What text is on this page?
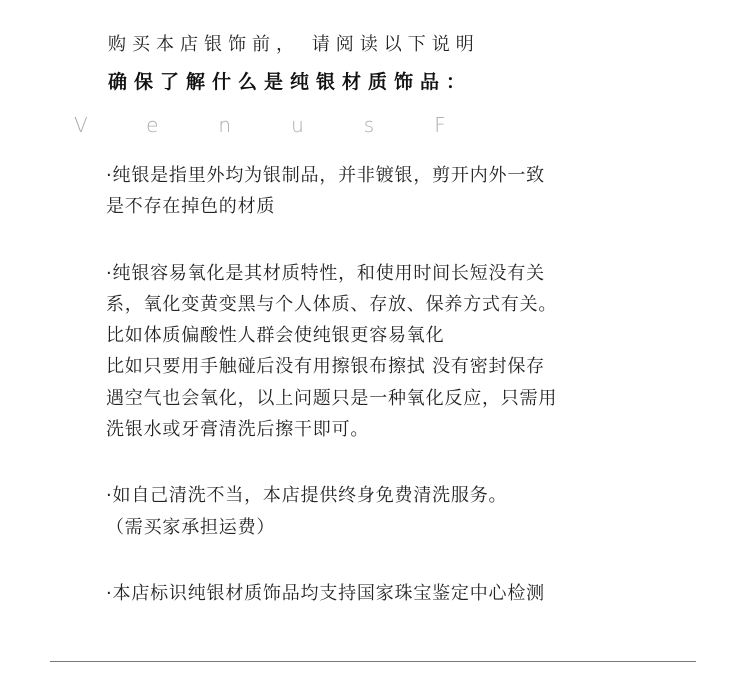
购买本店银饰前， 请阅读以下说明
确保了解什么是纯银材质饰品：
VenusF
·纯银是指里外均为银制品，并非镀银，剪开内外一致
是不存在掉色的材质
·纯银容易氧化是其材质特性，和使用时间长短没有关
系，氧化变黄变黑与个人体质、存放、保养方式有关。
比如体质偏酸性人群会使纯银更容易氧化
比如只要用手触碰后没有用擦银布擦拭 没有密封保存
遇空气也会氧化，以上问题只是一种氧化反应，只需用
洗银水或牙膏清洗后擦干即可。
·如自己清洗不当，本店提供终身免费清洗服务。
（需买家承担运费）
·本店标识纯银材质饰品均支持国家珠宝鉴定中心检测
